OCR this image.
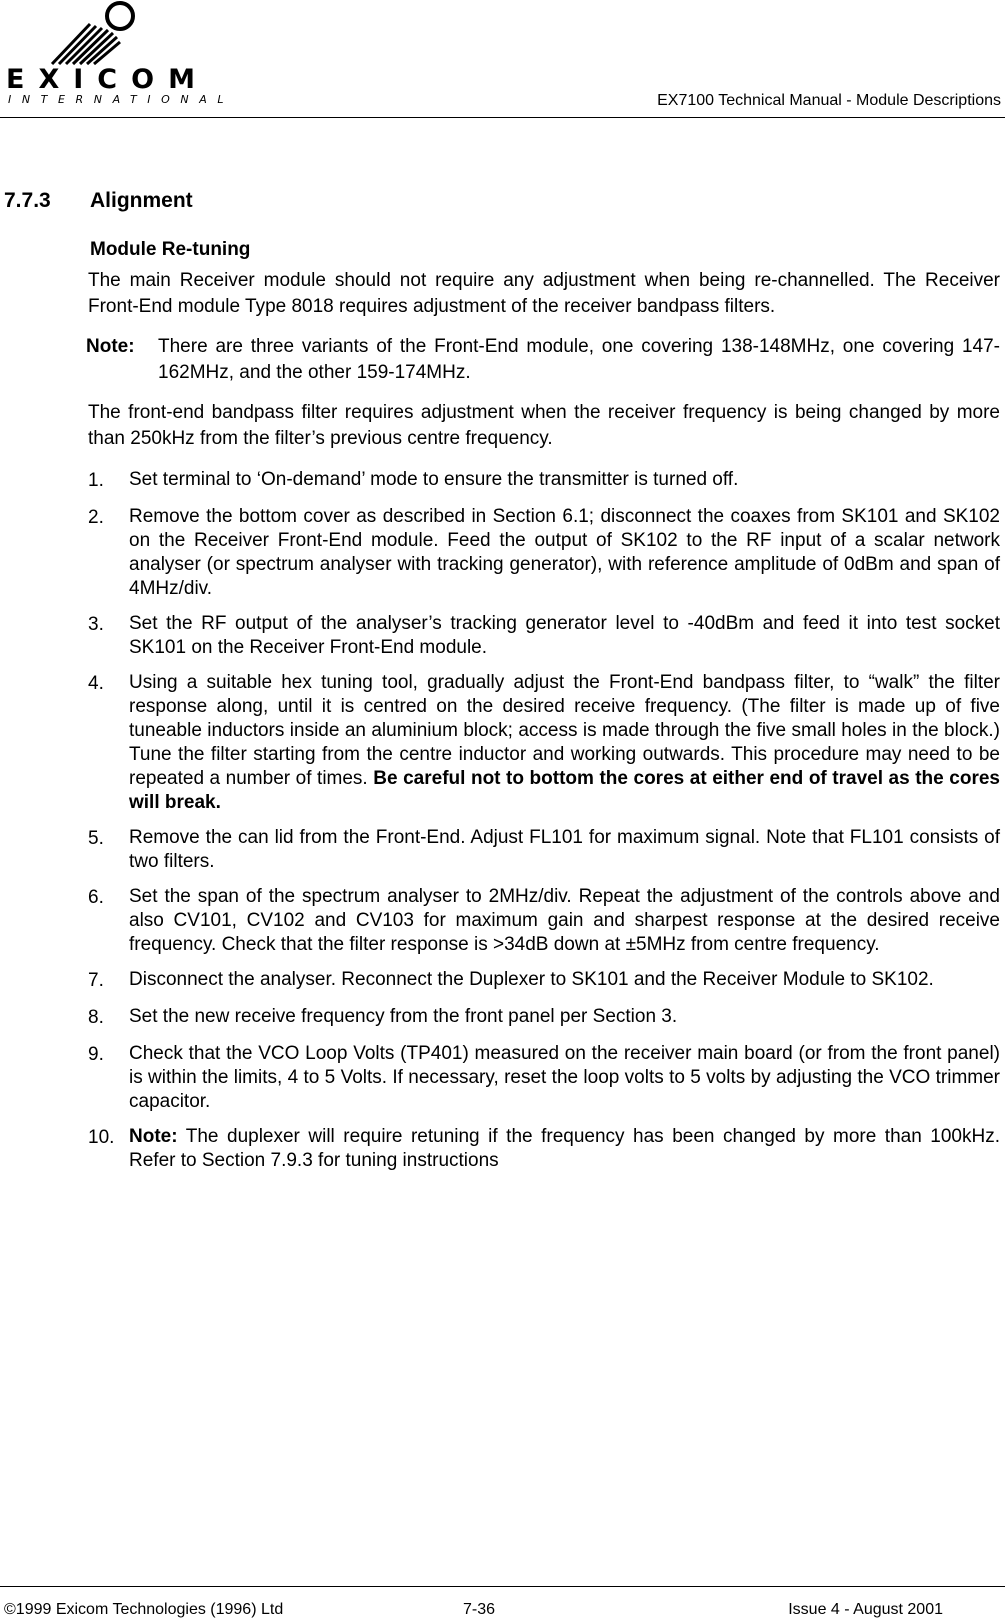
EXICOM
INTERNATIONAL	EX7100 Technical Manual - Module Descriptions
7.7.3 Alignment
Module Re-tuning

The main Receiver module should not require any adjustment when being re-channelled. The Receiver Front-End module Type 8018 requires adjustment of the receiver bandpass filters.

Note:	There are three variants of the Front-End module, one covering 138-148MHz, one covering 147-162MHz, and the other 159-174MHz.

The front-end bandpass filter requires adjustment when the receiver frequency is being changed by more than 250kHz from the filter’s previous centre frequency.

1.	Set terminal to ‘On-demand’ mode to ensure the transmitter is turned off.
2.	Remove the bottom cover as described in Section 6.1; disconnect the coaxes from SK101 and SK102 on the Receiver Front-End module. Feed the output of SK102 to the RF input of a scalar network analyser (or spectrum analyser with tracking generator), with reference amplitude of 0dBm and span of 4MHz/div.
3.	Set the RF output of the analyser’s tracking generator level to -40dBm and feed it into test socket SK101 on the Receiver Front-End module.
4.	Using a suitable hex tuning tool, gradually adjust the Front-End bandpass filter, to “walk” the filter response along, until it is centred on the desired receive frequency. (The filter is made up of five tuneable inductors inside an aluminium block; access is made through the five small holes in the block.) Tune the filter starting from the centre inductor and working outwards. This procedure may need to be repeated a number of times. Be careful not to bottom the cores at either end of travel as the cores will break.
5.	Remove the can lid from the Front-End. Adjust FL101 for maximum signal. Note that FL101 consists of two filters.
6.	Set the span of the spectrum analyser to 2MHz/div. Repeat the adjustment of the controls above and also CV101, CV102 and CV103 for maximum gain and sharpest response at the desired receive frequency. Check that the filter response is >34dB down at ±5MHz from centre frequency.
7.	Disconnect the analyser. Reconnect the Duplexer to SK101 and the Receiver Module to SK102.
8.	Set the new receive frequency from the front panel per Section 3.
9.	Check that the VCO Loop Volts (TP401) measured on the receiver main board (or from the front panel) is within the limits, 4 to 5 Volts. If necessary, reset the loop volts to 5 volts by adjusting the VCO trimmer capacitor.
10. Note: The duplexer will require retuning if the frequency has been changed by more than 100kHz. Refer to Section 7.9.3 for tuning instructions
©1999 Exicom Technologies (1996) Ltd	7-36	Issue 4 - August 2001
